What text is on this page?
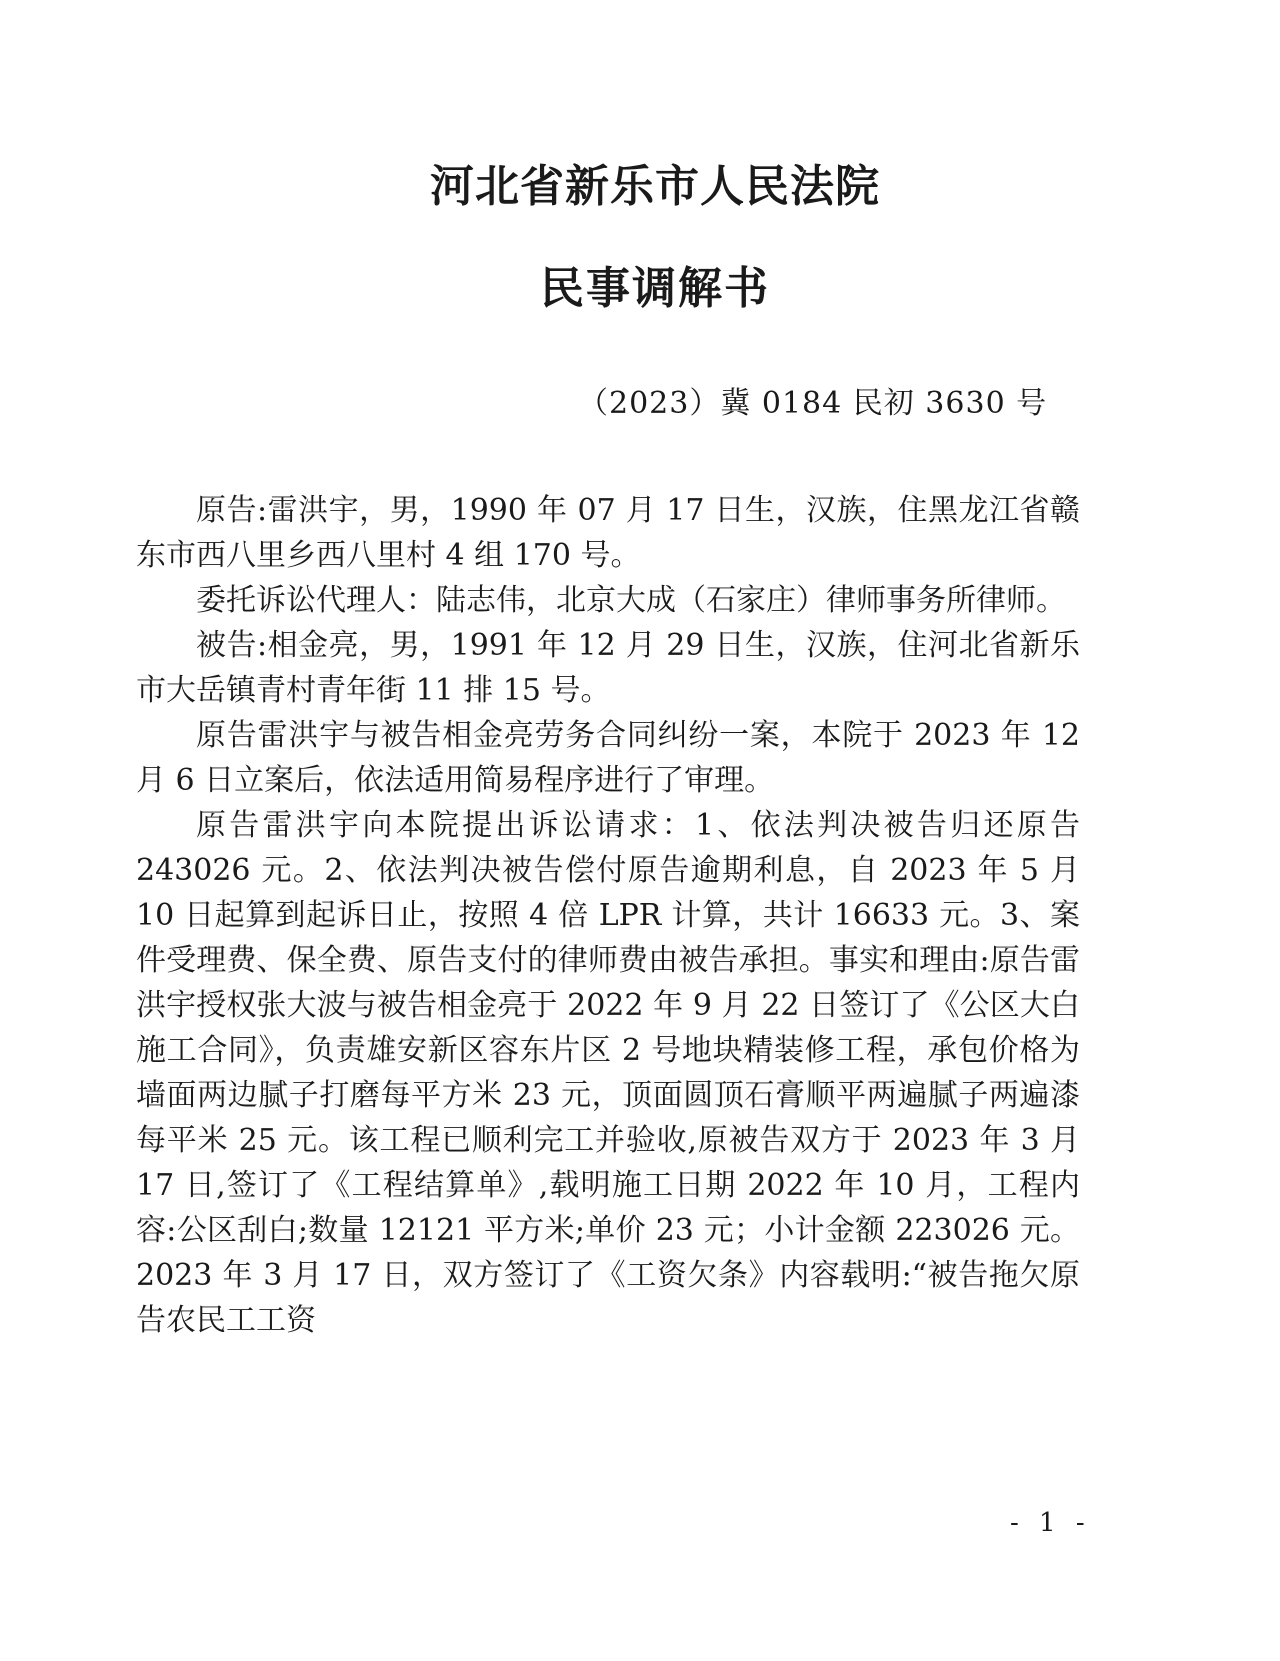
河北省新乐市人民法院
民事调解书
（2023）冀 0184 民初 3630 号

原告:雷洪宇，男，1990 年 07 月 17 日生，汉族，住黑龙江省赣东市西八里乡西八里村 4 组 170 号。

委托诉讼代理人：陆志伟，北京大成（石家庄）律师事务所律师。

被告:相金亮，男，1991 年 12 月 29 日生，汉族，住河北省新乐市大岳镇青村青年街 11 排 15 号。

原告雷洪宇与被告相金亮劳务合同纠纷一案，本院于 2023 年 12 月 6 日立案后，依法适用简易程序进行了审理。

原告雷洪宇向本院提出诉讼请求：1、依法判决被告归还原告 243026 元。2、依法判决被告偿付原告逾期利息，自 2023 年 5 月 10 日起算到起诉日止，按照 4 倍 LPR 计算，共计 16633 元。3、案件受理费、保全费、原告支付的律师费由被告承担。事实和理由:原告雷洪宇授权张大波与被告相金亮于 2022 年 9 月 22 日签订了《公区大白施工合同》，负责雄安新区容东片区 2 号地块精装修工程，承包价格为墙面两边腻子打磨每平方米 23 元，顶面圆顶石膏顺平两遍腻子两遍漆每平米 25 元。该工程已顺利完工并验收,原被告双方于 2023 年 3 月 17 日,签订了《工程结算单》,载明施工日期 2022 年 10 月，工程内容:公区刮白;数量 12121 平方米;单价 23 元；小计金额 223026 元。2023 年 3 月 17 日，双方签订了《工资欠条》内容载明:“被告拖欠原告农民工工资

- 1 -
